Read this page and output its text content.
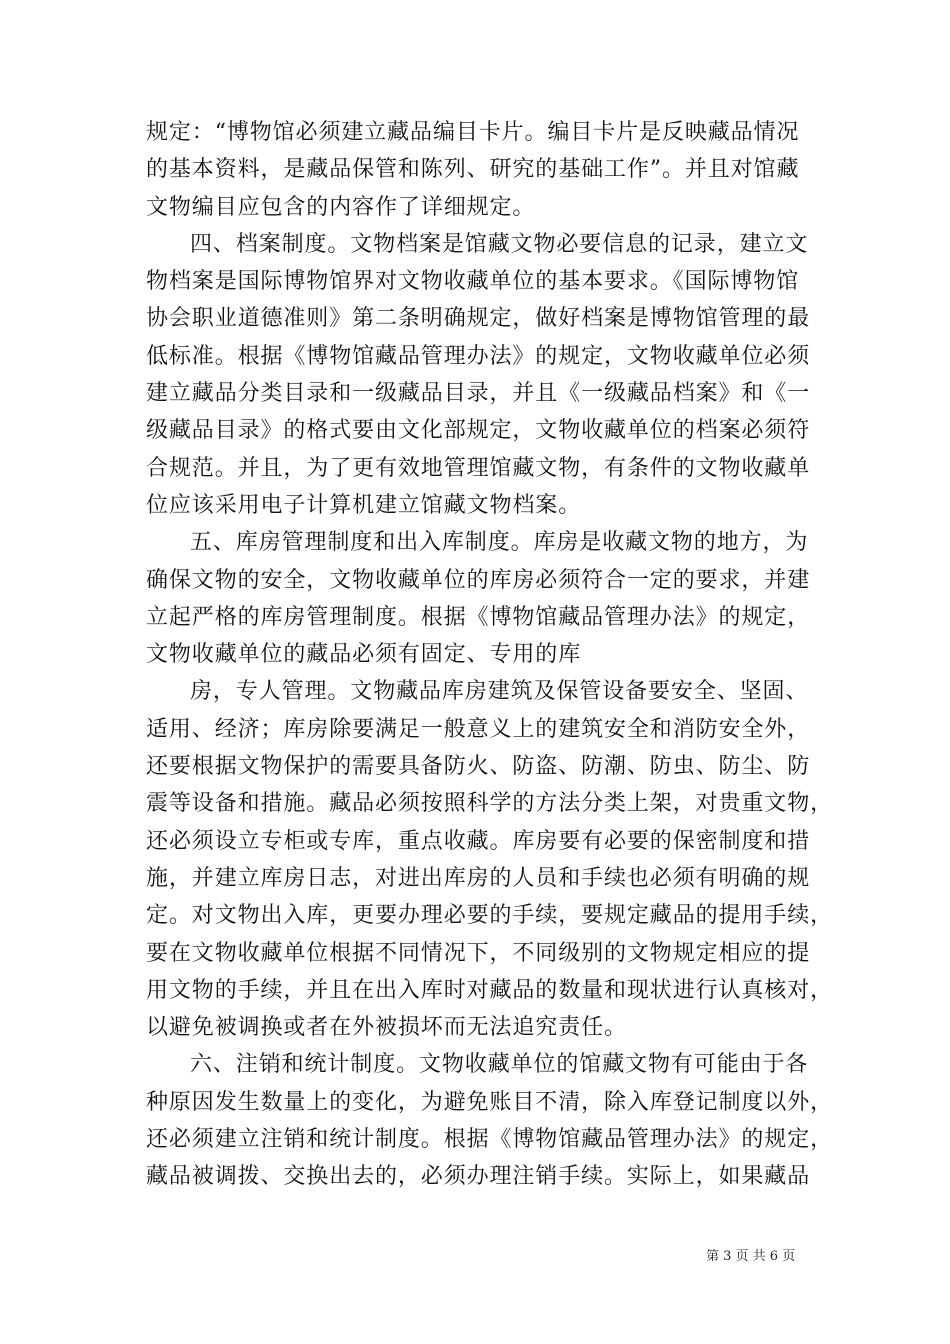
规定：“博物馆必须建立藏品编目卡片。编目卡片是反映藏品情况
的基本资料，是藏品保管和陈列、研究的基础工作”。并且对馆藏
文物编目应包含的内容作了详细规定。
四、档案制度。文物档案是馆藏文物必要信息的记录，建立文
物档案是国际博物馆界对文物收藏单位的基本要求。《国际博物馆
协会职业道德准则》第二条明确规定，做好档案是博物馆管理的最
低标准。根据《博物馆藏品管理办法》的规定，文物收藏单位必须
建立藏品分类目录和一级藏品目录，并且《一级藏品档案》和《一
级藏品目录》的格式要由文化部规定，文物收藏单位的档案必须符
合规范。并且，为了更有效地管理馆藏文物，有条件的文物收藏单
位应该采用电子计算机建立馆藏文物档案。
五、库房管理制度和出入库制度。库房是收藏文物的地方，为
确保文物的安全，文物收藏单位的库房必须符合一定的要求，并建
立起严格的库房管理制度。根据《博物馆藏品管理办法》的规定，
文物收藏单位的藏品必须有固定、专用的库
房，专人管理。文物藏品库房建筑及保管设备要安全、坚固、
适用、经济；库房除要满足一般意义上的建筑安全和消防安全外，
还要根据文物保护的需要具备防火、防盗、防潮、防虫、防尘、防
震等设备和措施。藏品必须按照科学的方法分类上架，对贵重文物，
还必须设立专柜或专库，重点收藏。库房要有必要的保密制度和措
施，并建立库房日志，对进出库房的人员和手续也必须有明确的规
定。对文物出入库，更要办理必要的手续，要规定藏品的提用手续，
要在文物收藏单位根据不同情况下，不同级别的文物规定相应的提
用文物的手续，并且在出入库时对藏品的数量和现状进行认真核对，
以避免被调换或者在外被损坏而无法追究责任。
六、注销和统计制度。文物收藏单位的馆藏文物有可能由于各
种原因发生数量上的变化，为避免账目不清，除入库登记制度以外，
还必须建立注销和统计制度。根据《博物馆藏品管理办法》的规定，
藏品被调拨、交换出去的，必须办理注销手续。实际上，如果藏品
第 3 页 共 6 页
